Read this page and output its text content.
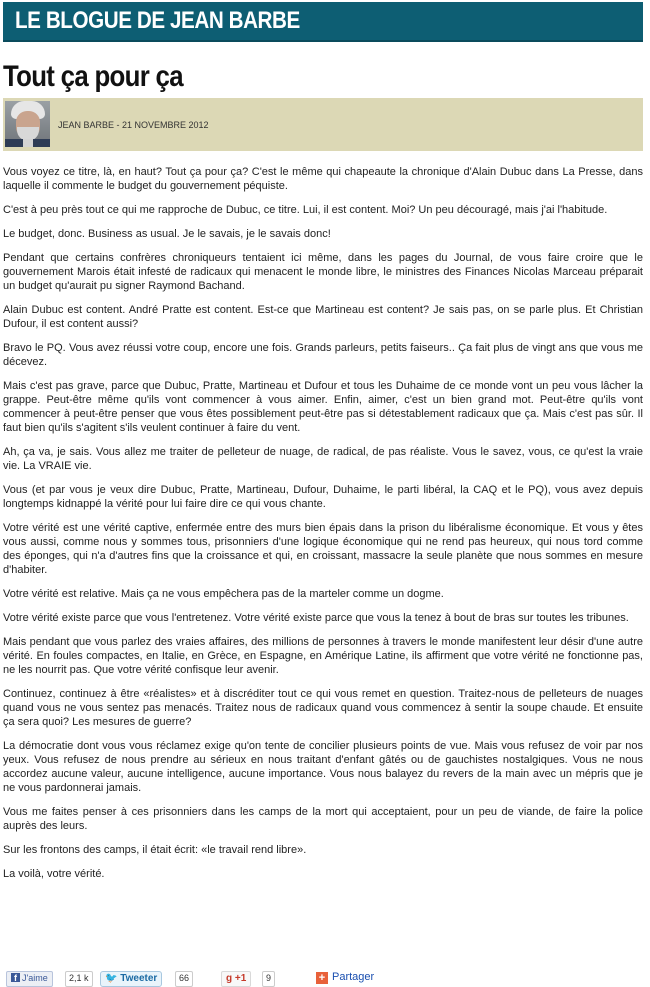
LE BLOGUE DE JEAN BARBE
Tout ça pour ça
JEAN BARBE - 21 NOVEMBRE 2012

Vous voyez ce titre, là, en haut? Tout ça pour ça? C'est le même qui chapeaute la chronique d'Alain Dubuc dans La Presse, dans laquelle il commente le budget du gouvernement péquiste.

C'est à peu près tout ce qui me rapproche de Dubuc, ce titre. Lui, il est content. Moi? Un peu découragé, mais j'ai l'habitude.

Le budget, donc. Business as usual. Je le savais, je le savais donc!

Pendant que certains confrères chroniqueurs tentaient ici même, dans les pages du Journal, de vous faire croire que le gouvernement Marois était infesté de radicaux qui menacent le monde libre, le ministres des Finances Nicolas Marceau préparait un budget qu'aurait pu signer Raymond Bachand.

Alain Dubuc est content. André Pratte est content. Est-ce que Martineau est content? Je sais pas, on se parle plus. Et Christian Dufour, il est content aussi?

Bravo le PQ. Vous avez réussi votre coup, encore une fois. Grands parleurs, petits faiseurs.. Ça fait plus de vingt ans que vous me décevez.

Mais c'est pas grave, parce que Dubuc, Pratte, Martineau et Dufour et tous les Duhaime de ce monde vont un peu vous lâcher la grappe. Peut-être même qu'ils vont commencer à vous aimer. Enfin, aimer, c'est un bien grand mot. Peut-être qu'ils vont commencer à peut-être penser que vous êtes possiblement peut-être pas si détestablement radicaux que ça. Mais c'est pas sûr. Il faut bien qu'ils s'agitent s'ils veulent continuer à faire du vent.

Ah, ça va, je sais. Vous allez me traiter de pelleteur de nuage, de radical, de pas réaliste. Vous le savez, vous, ce qu'est la vraie vie. La VRAIE vie.

Vous (et par vous je veux dire Dubuc, Pratte, Martineau, Dufour, Duhaime, le parti libéral, la CAQ et le PQ), vous avez depuis longtemps kidnappé la vérité pour lui faire dire ce qui vous chante.

Votre vérité est une vérité captive, enfermée entre des murs bien épais dans la prison du libéralisme économique. Et vous y êtes vous aussi, comme nous y sommes tous, prisonniers d'une logique économique qui ne rend pas heureux, qui nous tord comme des éponges, qui n'a d'autres fins que la croissance et qui, en croissant, massacre la seule planète que nous sommes en mesure d'habiter.

Votre vérité est relative. Mais ça ne vous empêchera pas de la marteler comme un dogme.

Votre vérité existe parce que vous l'entretenez. Votre vérité existe parce que vous la tenez à bout de bras sur toutes les tribunes.

Mais pendant que vous parlez des vraies affaires, des millions de personnes à travers le monde manifestent leur désir d'une autre vérité. En foules compactes, en Italie, en Grèce, en Espagne, en Amérique Latine, ils affirment que votre vérité ne fonctionne pas, ne les nourrit pas. Que votre vérité confisque leur avenir.

Continuez, continuez à être «réalistes» et à discréditer tout ce qui vous remet en question. Traitez-nous de pelleteurs de nuages quand vous ne vous sentez pas menacés. Traitez nous de radicaux quand vous commencez à sentir la soupe chaude. Et ensuite ça sera quoi? Les mesures de guerre?

La démocratie dont vous vous réclamez exige qu'on tente de concilier plusieurs points de vue. Mais vous refusez de voir par nos yeux. Vous refusez de nous prendre au sérieux en nous traitant d'enfant gâtés ou de gauchistes nostalgiques. Vous ne nous accordez aucune valeur, aucune intelligence, aucune importance. Vous nous balayez du revers de la main avec un mépris que je ne vous pardonnerai jamais.

Vous me faites penser à ces prisonniers dans les camps de la mort qui acceptaient, pour un peu de viande, de faire la police auprès des leurs.

Sur les frontons des camps, il était écrit: «le travail rend libre».

La voilà, votre vérité.

f J'aime	2,1 k	🐦 Tweeter	66	g +1	9	+ Partager
